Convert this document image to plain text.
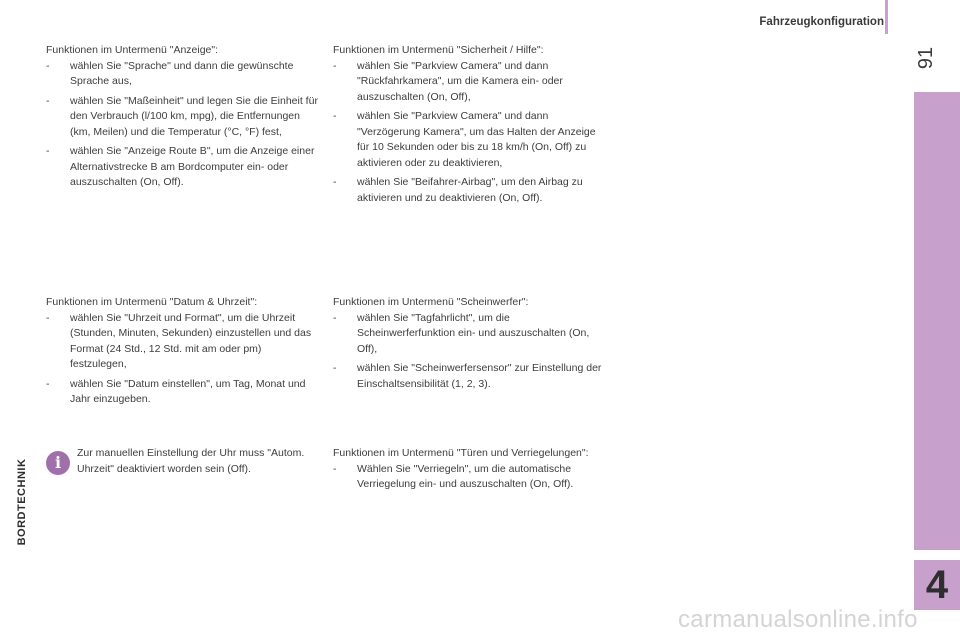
Fahrzeugkonfiguration
91
BORDTECHNIK
4

Funktionen im Untermenü "Anzeige":

- wählen Sie "Sprache" und dann die gewünschte Sprache aus,
- wählen Sie "Maßeinheit" und legen Sie die Einheit für den Verbrauch (l/100 km, mpg), die Entfernungen (km, Meilen) und die Temperatur (°C, °F) fest,
- wählen Sie "Anzeige Route B", um die Anzeige einer Alternativstrecke B am Bordcomputer ein- oder auszuschalten (On, Off).

Funktionen im Untermenü "Sicherheit / Hilfe":

- wählen Sie "Parkview Camera" und dann "Rückfahrkamera", um die Kamera ein- oder auszuschalten (On, Off),
- wählen Sie "Parkview Camera" und dann "Verzögerung Kamera", um das Halten der Anzeige für 10 Sekunden oder bis zu 18 km/h (On, Off) zu aktivieren oder zu deaktivieren,
- wählen Sie "Beifahrer-Airbag", um den Airbag zu aktivieren und zu deaktivieren (On, Off).

Funktionen im Untermenü "Datum & Uhrzeit":

- wählen Sie "Uhrzeit und Format", um die Uhrzeit (Stunden, Minuten, Sekunden) einzustellen und das Format (24 Std., 12 Std. mit am oder pm) festzulegen,
- wählen Sie "Datum einstellen", um Tag, Monat und Jahr einzugeben.

Funktionen im Untermenü "Scheinwerfer":

- wählen Sie "Tagfahrlicht", um die Scheinwerferfunktion ein- und auszuschalten (On, Off),
- wählen Sie "Scheinwerfersensor" zur Einstellung der Einschaltsensibilität (1, 2, 3).
i	Zur manuellen Einstellung der Uhr muss "Autom. Uhrzeit" deaktiviert worden sein (Off).

Funktionen im Untermenü "Türen und Verriegelungen":

- Wählen Sie "Verriegeln", um die automatische Verriegelung ein- und auszuschalten (On, Off).
carmanualsonline.info
